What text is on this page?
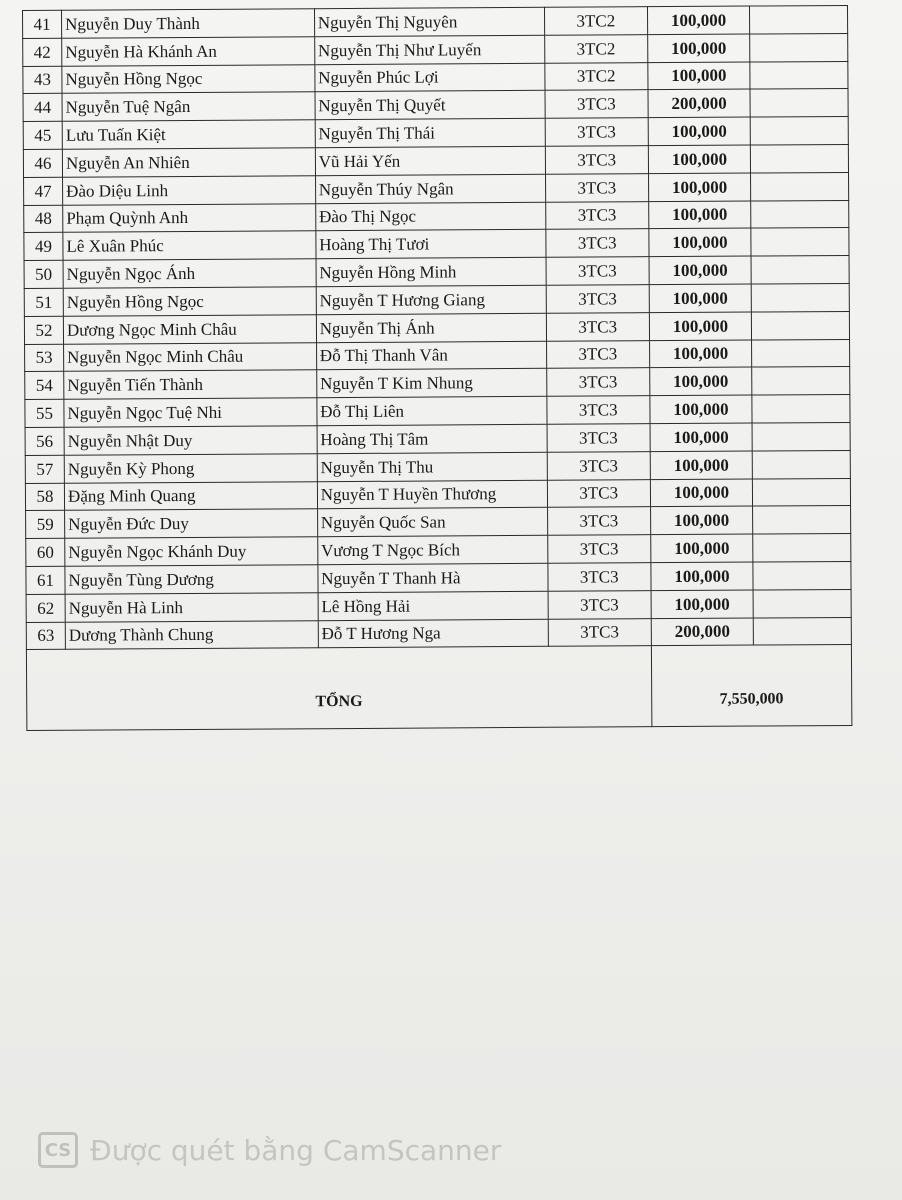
41	Nguyễn Duy Thành	Nguyễn Thị Nguyên	3TC2	100,000	
42	Nguyễn Hà Khánh An	Nguyễn Thị Như Luyến	3TC2	100,000	
43	Nguyễn Hồng Ngọc	Nguyễn Phúc Lợi	3TC2	100,000	
44	Nguyễn Tuệ Ngân	Nguyễn Thị Quyết	3TC3	200,000	
45	Lưu Tuấn Kiệt	Nguyễn Thị Thái	3TC3	100,000	
46	Nguyễn An Nhiên	Vũ Hải Yến	3TC3	100,000	
47	Đào Diệu Linh	Nguyễn Thúy Ngân	3TC3	100,000	
48	Phạm Quỳnh Anh	Đào Thị Ngọc	3TC3	100,000	
49	Lê Xuân Phúc	Hoàng Thị Tươi	3TC3	100,000	
50	Nguyễn Ngọc Ánh	Nguyễn Hồng Minh	3TC3	100,000	
51	Nguyễn Hồng Ngọc	Nguyễn T Hương Giang	3TC3	100,000	
52	Dương Ngọc Minh Châu	Nguyễn Thị Ánh	3TC3	100,000	
53	Nguyễn Ngọc Minh Châu	Đỗ Thị Thanh Vân	3TC3	100,000	
54	Nguyễn Tiến Thành	Nguyễn T Kim Nhung	3TC3	100,000	
55	Nguyễn Ngọc Tuệ Nhi	Đỗ Thị Liên	3TC3	100,000	
56	Nguyễn Nhật Duy	Hoàng Thị Tâm	3TC3	100,000	
57	Nguyễn Kỳ Phong	Nguyễn Thị Thu	3TC3	100,000	
58	Đặng Minh Quang	Nguyễn T Huyền Thương	3TC3	100,000	
59	Nguyễn Đức Duy	Nguyễn Quốc San	3TC3	100,000	
60	Nguyễn Ngọc Khánh Duy	Vương T Ngọc Bích	3TC3	100,000	
61	Nguyễn Tùng Dương	Nguyễn T Thanh Hà	3TC3	100,000	
62	Nguyễn Hà Linh	Lê Hồng Hải	3TC3	100,000	
63	Dương Thành Chung	Đỗ T Hương Nga	3TC3	200,000	
TỔNG				7,550,000	
CS Được quét bằng CamScanner
